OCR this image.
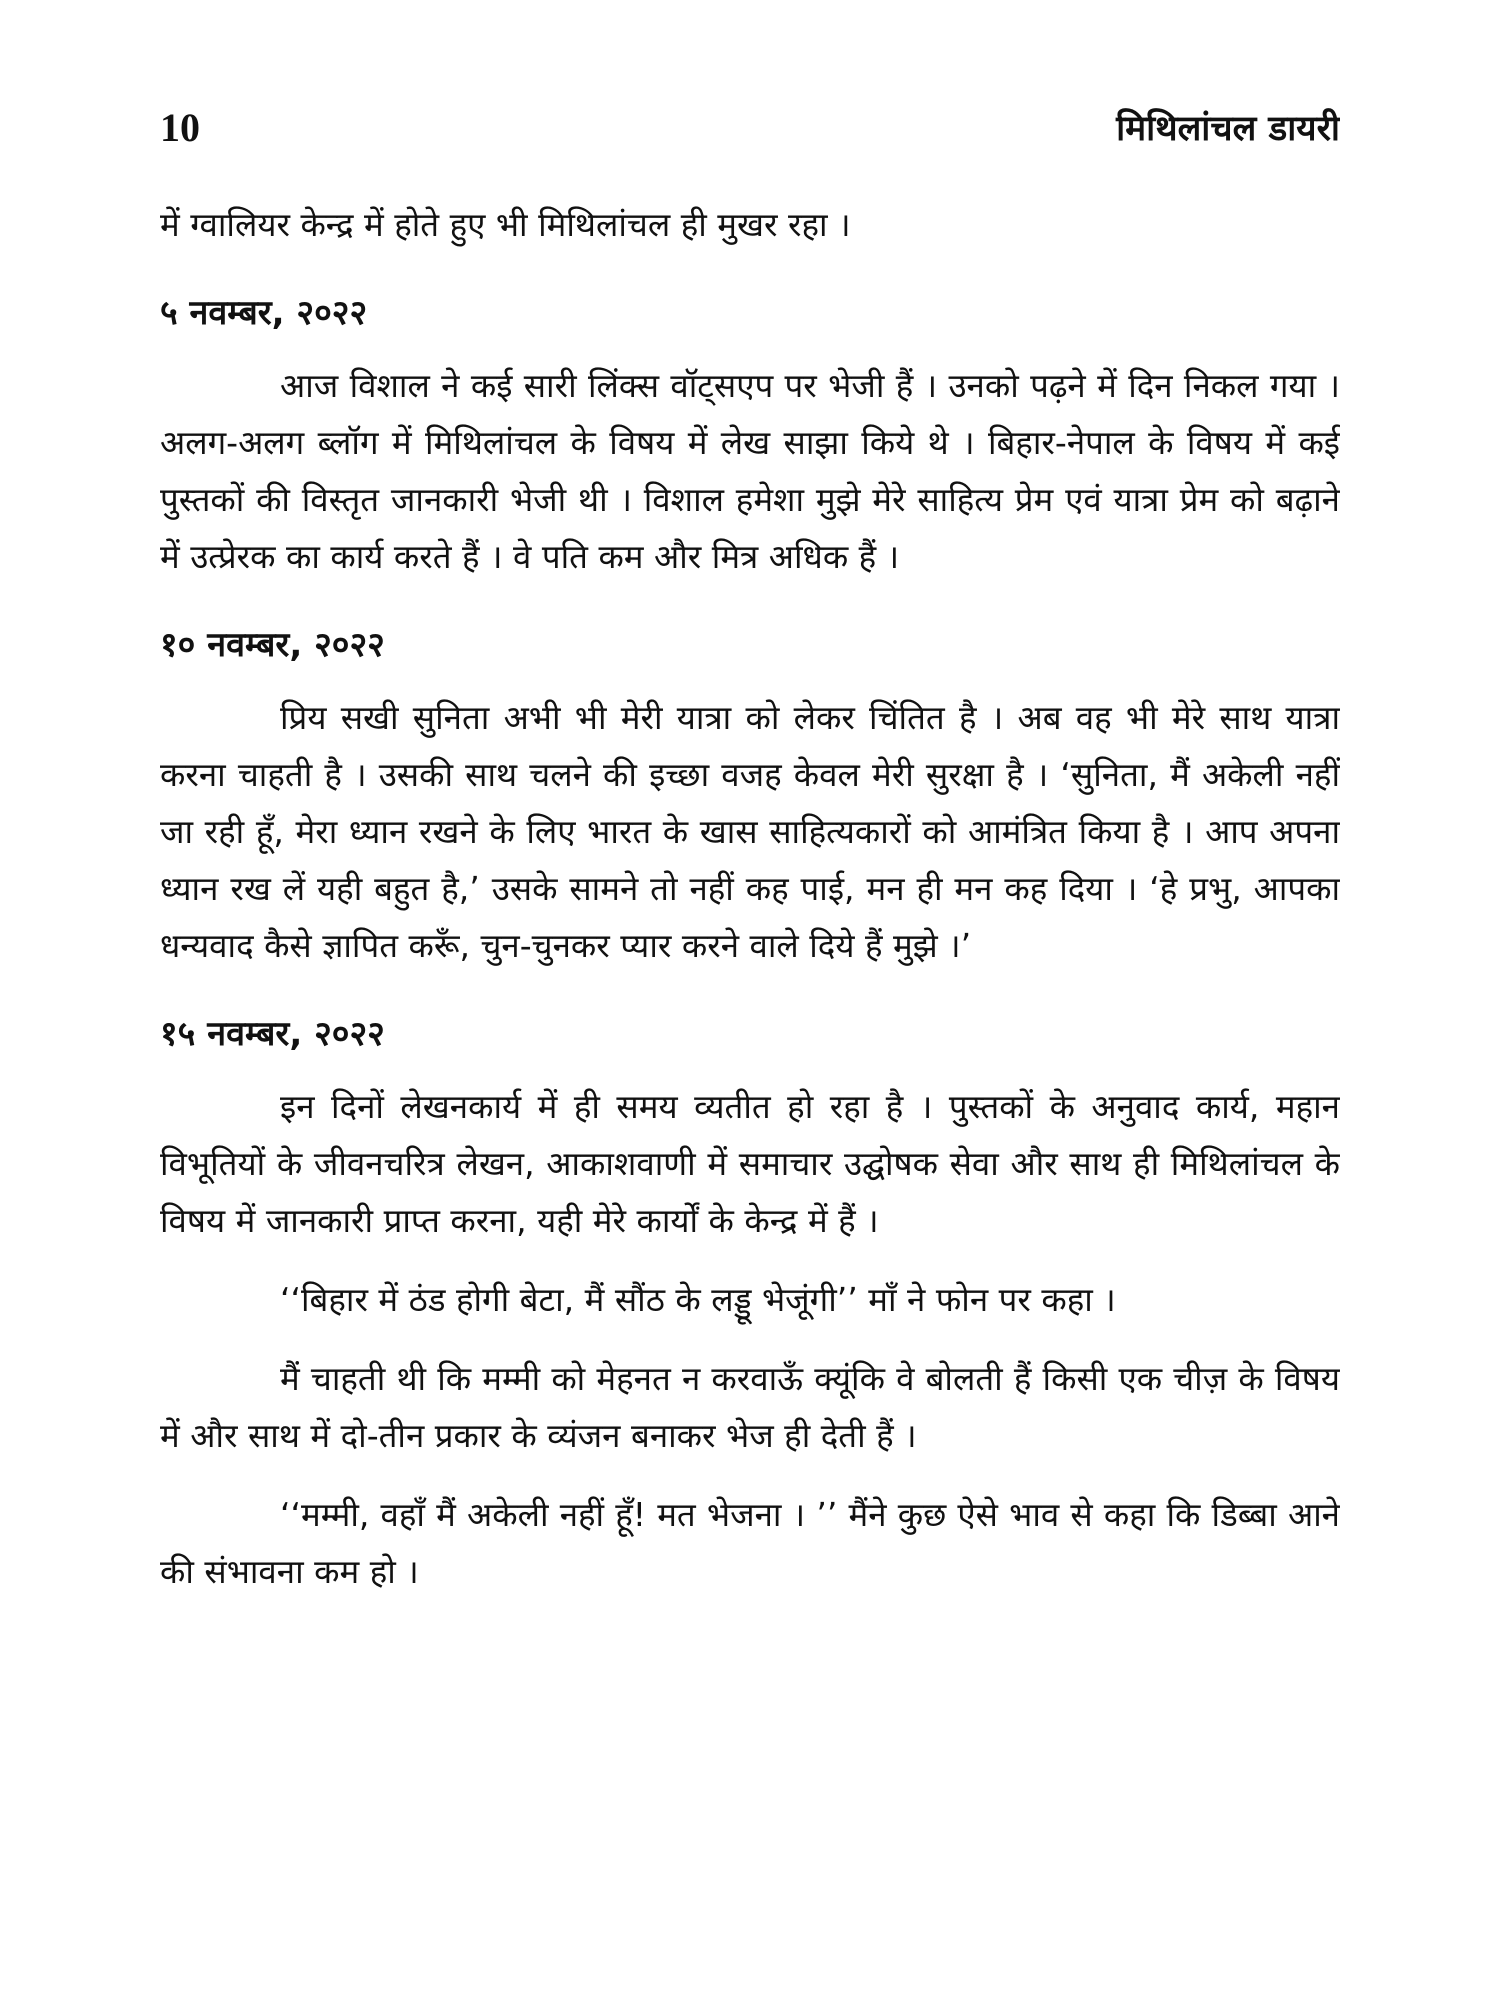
10	मिथिलांचल डायरी

में ग्वालियर केन्द्र में होते हुए भी मिथिलांचल ही मुखर रहा ।

५ नवम्बर, २०२२

आज विशाल ने कई सारी लिंक्स वॉट्सएप पर भेजी हैं । उनको पढ़ने में दिन निकल गया । अलग-अलग ब्लॉग में मिथिलांचल के विषय में लेख साझा किये थे । बिहार-नेपाल के विषय में कई पुस्तकों की विस्तृत जानकारी भेजी थी । विशाल हमेशा मुझे मेरे साहित्य प्रेम एवं यात्रा प्रेम को बढ़ाने में उत्प्रेरक का कार्य करते हैं । वे पति कम और मित्र अधिक हैं ।

१० नवम्बर, २०२२

प्रिय सखी सुनिता अभी भी मेरी यात्रा को लेकर चिंतित है । अब वह भी मेरे साथ यात्रा करना चाहती है । उसकी साथ चलने की इच्छा वजह केवल मेरी सुरक्षा है । ‘सुनिता, मैं अकेली नहीं जा रही हूँ, मेरा ध्यान रखने के लिए भारत के खास साहित्यकारों को आमंत्रित किया है । आप अपना ध्यान रख लें यही बहुत है,’ उसके सामने तो नहीं कह पाई, मन ही मन कह दिया । ‘हे प्रभु, आपका धन्यवाद कैसे ज्ञापित करूँ, चुन-चुनकर प्यार करने वाले दिये हैं मुझे ।’

१५ नवम्बर, २०२२

इन दिनों लेखनकार्य में ही समय व्यतीत हो रहा है । पुस्तकों के अनुवाद कार्य, महान विभूतियों के जीवनचरित्र लेखन, आकाशवाणी में समाचार उद्घोषक सेवा और साथ ही मिथिलांचल के विषय में जानकारी प्राप्त करना, यही मेरे कार्यों के केन्द्र में हैं ।

‘‘बिहार में ठंड होगी बेटा, मैं सौंठ के लड्डू भेजूंगी’’ माँ ने फोन पर कहा ।

मैं चाहती थी कि मम्मी को मेहनत न करवाऊँ क्यूंकि वे बोलती हैं किसी एक चीज़ के विषय में और साथ में दो-तीन प्रकार के व्यंजन बनाकर भेज ही देती हैं ।

‘‘मम्मी, वहाँ मैं अकेली नहीं हूँ! मत भेजना । ’’ मैंने कुछ ऐसे भाव से कहा कि डिब्बा आने की संभावना कम हो ।
